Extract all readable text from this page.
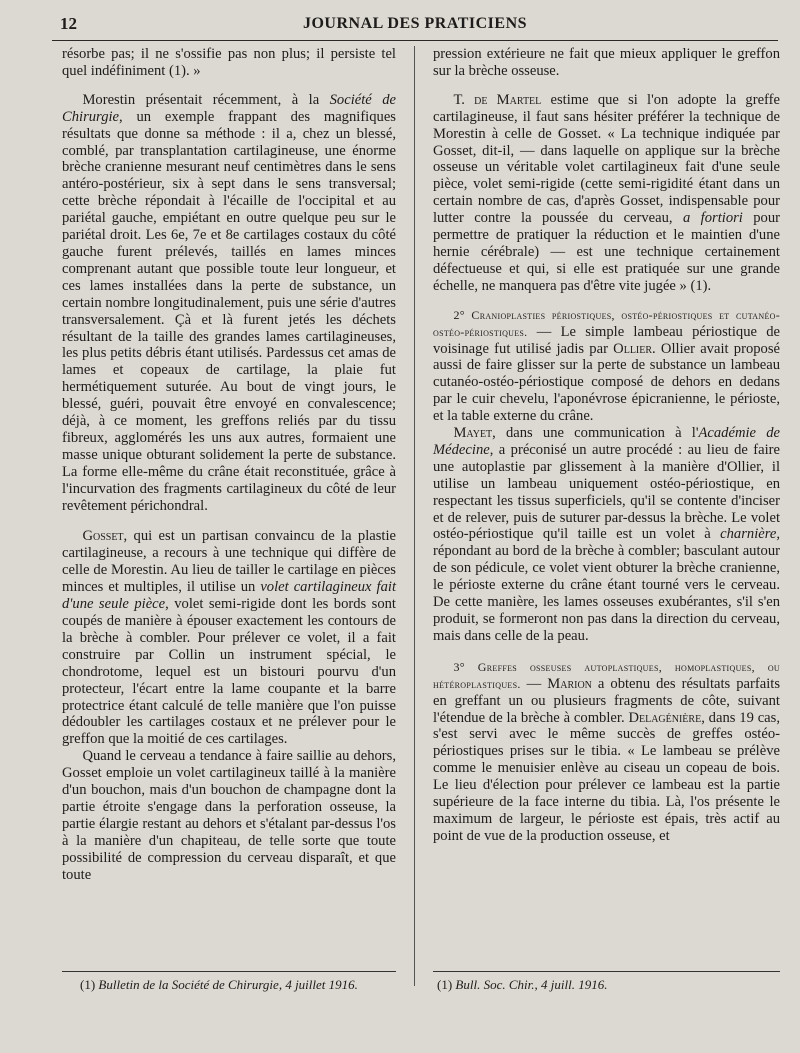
12	JOURNAL DES PRATICIENS

résorbe pas; il ne s'ossifie pas non plus; il persiste tel quel indéfiniment (1). »

Morestin présentait récemment, à la Société de Chirurgie, un exemple frappant des magnifiques résultats que donne sa méthode : il a, chez un blessé, comblé, par transplantation cartilagineuse, une énorme brèche cranienne mesurant neuf centimètres dans le sens antéro-postérieur, six à sept dans le sens transversal; cette brèche répondait à l'écaille de l'occipital et au pariétal gauche, empiétant en outre quelque peu sur le pariétal droit. Les 6e, 7e et 8e cartilages costaux du côté gauche furent prélevés, taillés en lames minces comprenant autant que possible toute leur longueur, et ces lames installées dans la perte de substance, un certain nombre longitudinalement, puis une série d'autres transversalement. Çà et là furent jetés les déchets résultant de la taille des grandes lames cartilagineuses, les plus petits débris étant utilisés. Pardessus cet amas de lames et copeaux de cartilage, la plaie fut hermétiquement suturée. Au bout de vingt jours, le blessé, guéri, pouvait être envoyé en convalescence; déjà, à ce moment, les greffons reliés par du tissu fibreux, agglomérés les uns aux autres, formaient une masse unique obturant solidement la perte de substance. La forme elle-même du crâne était reconstituée, grâce à l'incurvation des fragments cartilagineux du côté de leur revêtement périchondral.

Gosset, qui est un partisan convaincu de la plastie cartilagineuse, a recours à une technique qui diffère de celle de Morestin. Au lieu de tailler le cartilage en pièces minces et multiples, il utilise un volet cartilagineux fait d'une seule pièce, volet semi-rigide dont les bords sont coupés de manière à épouser exactement les contours de la brèche à combler. Pour prélever ce volet, il a fait construire par Collin un instrument spécial, le chondrotome, lequel est un bistouri pourvu d'un protecteur, l'écart entre la lame coupante et la barre protectrice étant calculé de telle manière que l'on puisse dédoubler les cartilages costaux et ne prélever pour le greffon que la moitié de ces cartilages.

Quand le cerveau a tendance à faire saillie au dehors, Gosset emploie un volet cartilagineux taillé à la manière d'un bouchon, mais d'un bouchon de champagne dont la partie étroite s'engage dans la perforation osseuse, la partie élargie restant au dehors et s'étalant par-dessus l'os à la manière d'un chapiteau, de telle sorte que toute possibilité de compression du cerveau disparaît, et que toute

pression extérieure ne fait que mieux appliquer le greffon sur la brèche osseuse.

T. de Martel estime que si l'on adopte la greffe cartilagineuse, il faut sans hésiter préférer la technique de Morestin à celle de Gosset. « La technique indiquée par Gosset, dit-il, — dans laquelle on applique sur la brèche osseuse un véritable volet cartilagineux fait d'une seule pièce, volet semi-rigide (cette semi-rigidité étant dans un certain nombre de cas, d'après Gosset, indispensable pour lutter contre la poussée du cerveau, a fortiori pour permettre de pratiquer la réduction et le maintien d'une hernie cérébrale) — est une technique certainement défectueuse et qui, si elle est pratiquée sur une grande échelle, ne manquera pas d'être vite jugée » (1).

2° Cranioplasties périostiques, ostéo-périostiques et cutanéo-ostéo-périostiques. — Le simple lambeau périostique de voisinage fut utilisé jadis par Ollier. Ollier avait proposé aussi de faire glisser sur la perte de substance un lambeau cutanéo-ostéo-périostique composé de dehors en dedans par le cuir chevelu, l'aponévrose épicranienne, le périoste, et la table externe du crâne.

Mayet, dans une communication à l'Académie de Médecine, a préconisé un autre procédé : au lieu de faire une autoplastie par glissement à la manière d'Ollier, il utilise un lambeau uniquement ostéo-périostique, en respectant les tissus superficiels, qu'il se contente d'inciser et de relever, puis de suturer par-dessus la brèche. Le volet ostéo-périostique qu'il taille est un volet à charnière, répondant au bord de la brèche à combler; basculant autour de son pédicule, ce volet vient obturer la brèche cranienne, le périoste externe du crâne étant tourné vers le cerveau. De cette manière, les lames osseuses exubérantes, s'il s'en produit, se formeront non pas dans la direction du cerveau, mais dans celle de la peau.

3° Greffes osseuses autoplastiques, homoplastiques, ou hétéroplastiques. — Marion a obtenu des résultats parfaits en greffant un ou plusieurs fragments de côte, suivant l'étendue de la brèche à combler. Delagénière, dans 19 cas, s'est servi avec le même succès de greffes ostéo-périostiques prises sur le tibia. « Le lambeau se prélève comme le menuisier enlève au ciseau un copeau de bois. Le lieu d'élection pour prélever ce lambeau est la partie supérieure de la face interne du tibia. Là, l'os présente le maximum de largeur, le périoste est épais, très actif au point de vue de la production osseuse, et

(1) Bulletin de la Société de Chirurgie, 4 juillet 1916.	(1) Bull. Soc. Chir., 4 juill. 1916.
